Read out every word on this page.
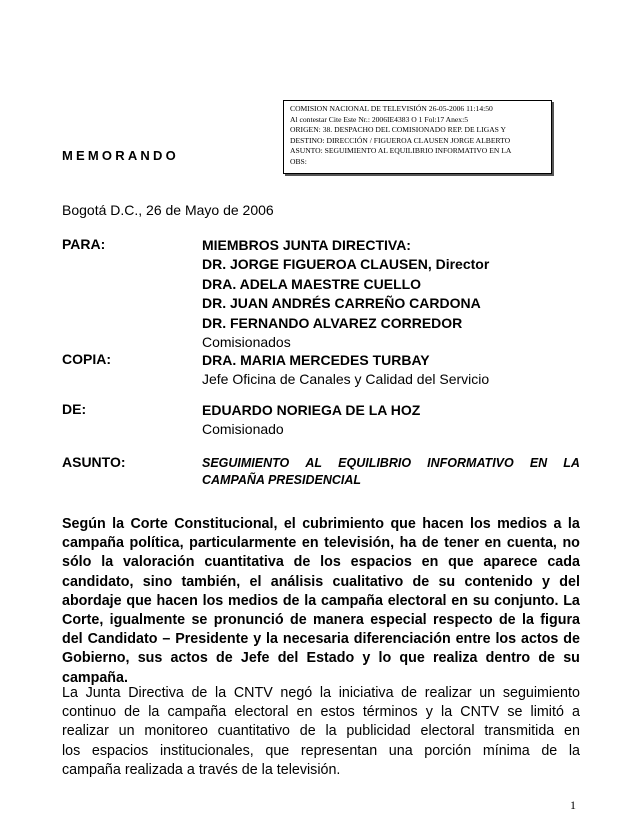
COMISION NACIONAL DE TELEVISIÓN 26-05-2006 11:14:50
Al contestar Cite Este Nr.: 2006IE4383 O 1 Fol:17 Anex:5
ORIGEN: 38. DESPACHO DEL COMISIONADO REP. DE LIGAS Y
DESTINO: DIRECCIÓN / FIGUEROA CLAUSEN JORGE ALBERTO
ASUNTO: SEGUIMIENTO AL EQUILIBRIO INFORMATIVO EN LA
OBS:
MEMORANDO
Bogotá D.C., 26 de Mayo de 2006
PARA:	MIEMBROS JUNTA DIRECTIVA:
DR. JORGE FIGUEROA CLAUSEN, Director
DRA. ADELA MAESTRE CUELLO
DR. JUAN ANDRÉS CARREÑO CARDONA
DR. FERNANDO ALVAREZ CORREDOR
Comisionados
COPIA:	DRA. MARIA MERCEDES TURBAY
Jefe Oficina de Canales y Calidad del Servicio
DE:	EDUARDO NORIEGA DE LA HOZ
Comisionado
ASUNTO:	SEGUIMIENTO AL EQUILIBRIO INFORMATIVO EN LA
CAMPAÑA PRESIDENCIAL
Según la Corte Constitucional, el cubrimiento que hacen los medios a la
campaña política, particularmente en televisión, ha de tener en cuenta, no
sólo la valoración cuantitativa de los espacios en que aparece cada
candidato, sino también, el análisis cualitativo de su contenido y del
abordaje que hacen los medios de la campaña electoral en su conjunto. La
Corte, igualmente se pronunció de manera especial respecto de la figura
del Candidato – Presidente y la necesaria diferenciación entre los actos de
Gobierno, sus actos de Jefe del Estado y lo que realiza dentro de su
campaña.
La Junta Directiva de la CNTV negó la iniciativa de realizar un seguimiento
continuo de la campaña electoral en estos términos y la CNTV se limitó a
realizar un monitoreo cuantitativo de la publicidad electoral transmitida en
los espacios institucionales, que representan una porción mínima de la
campaña realizada a través de la televisión.
1
